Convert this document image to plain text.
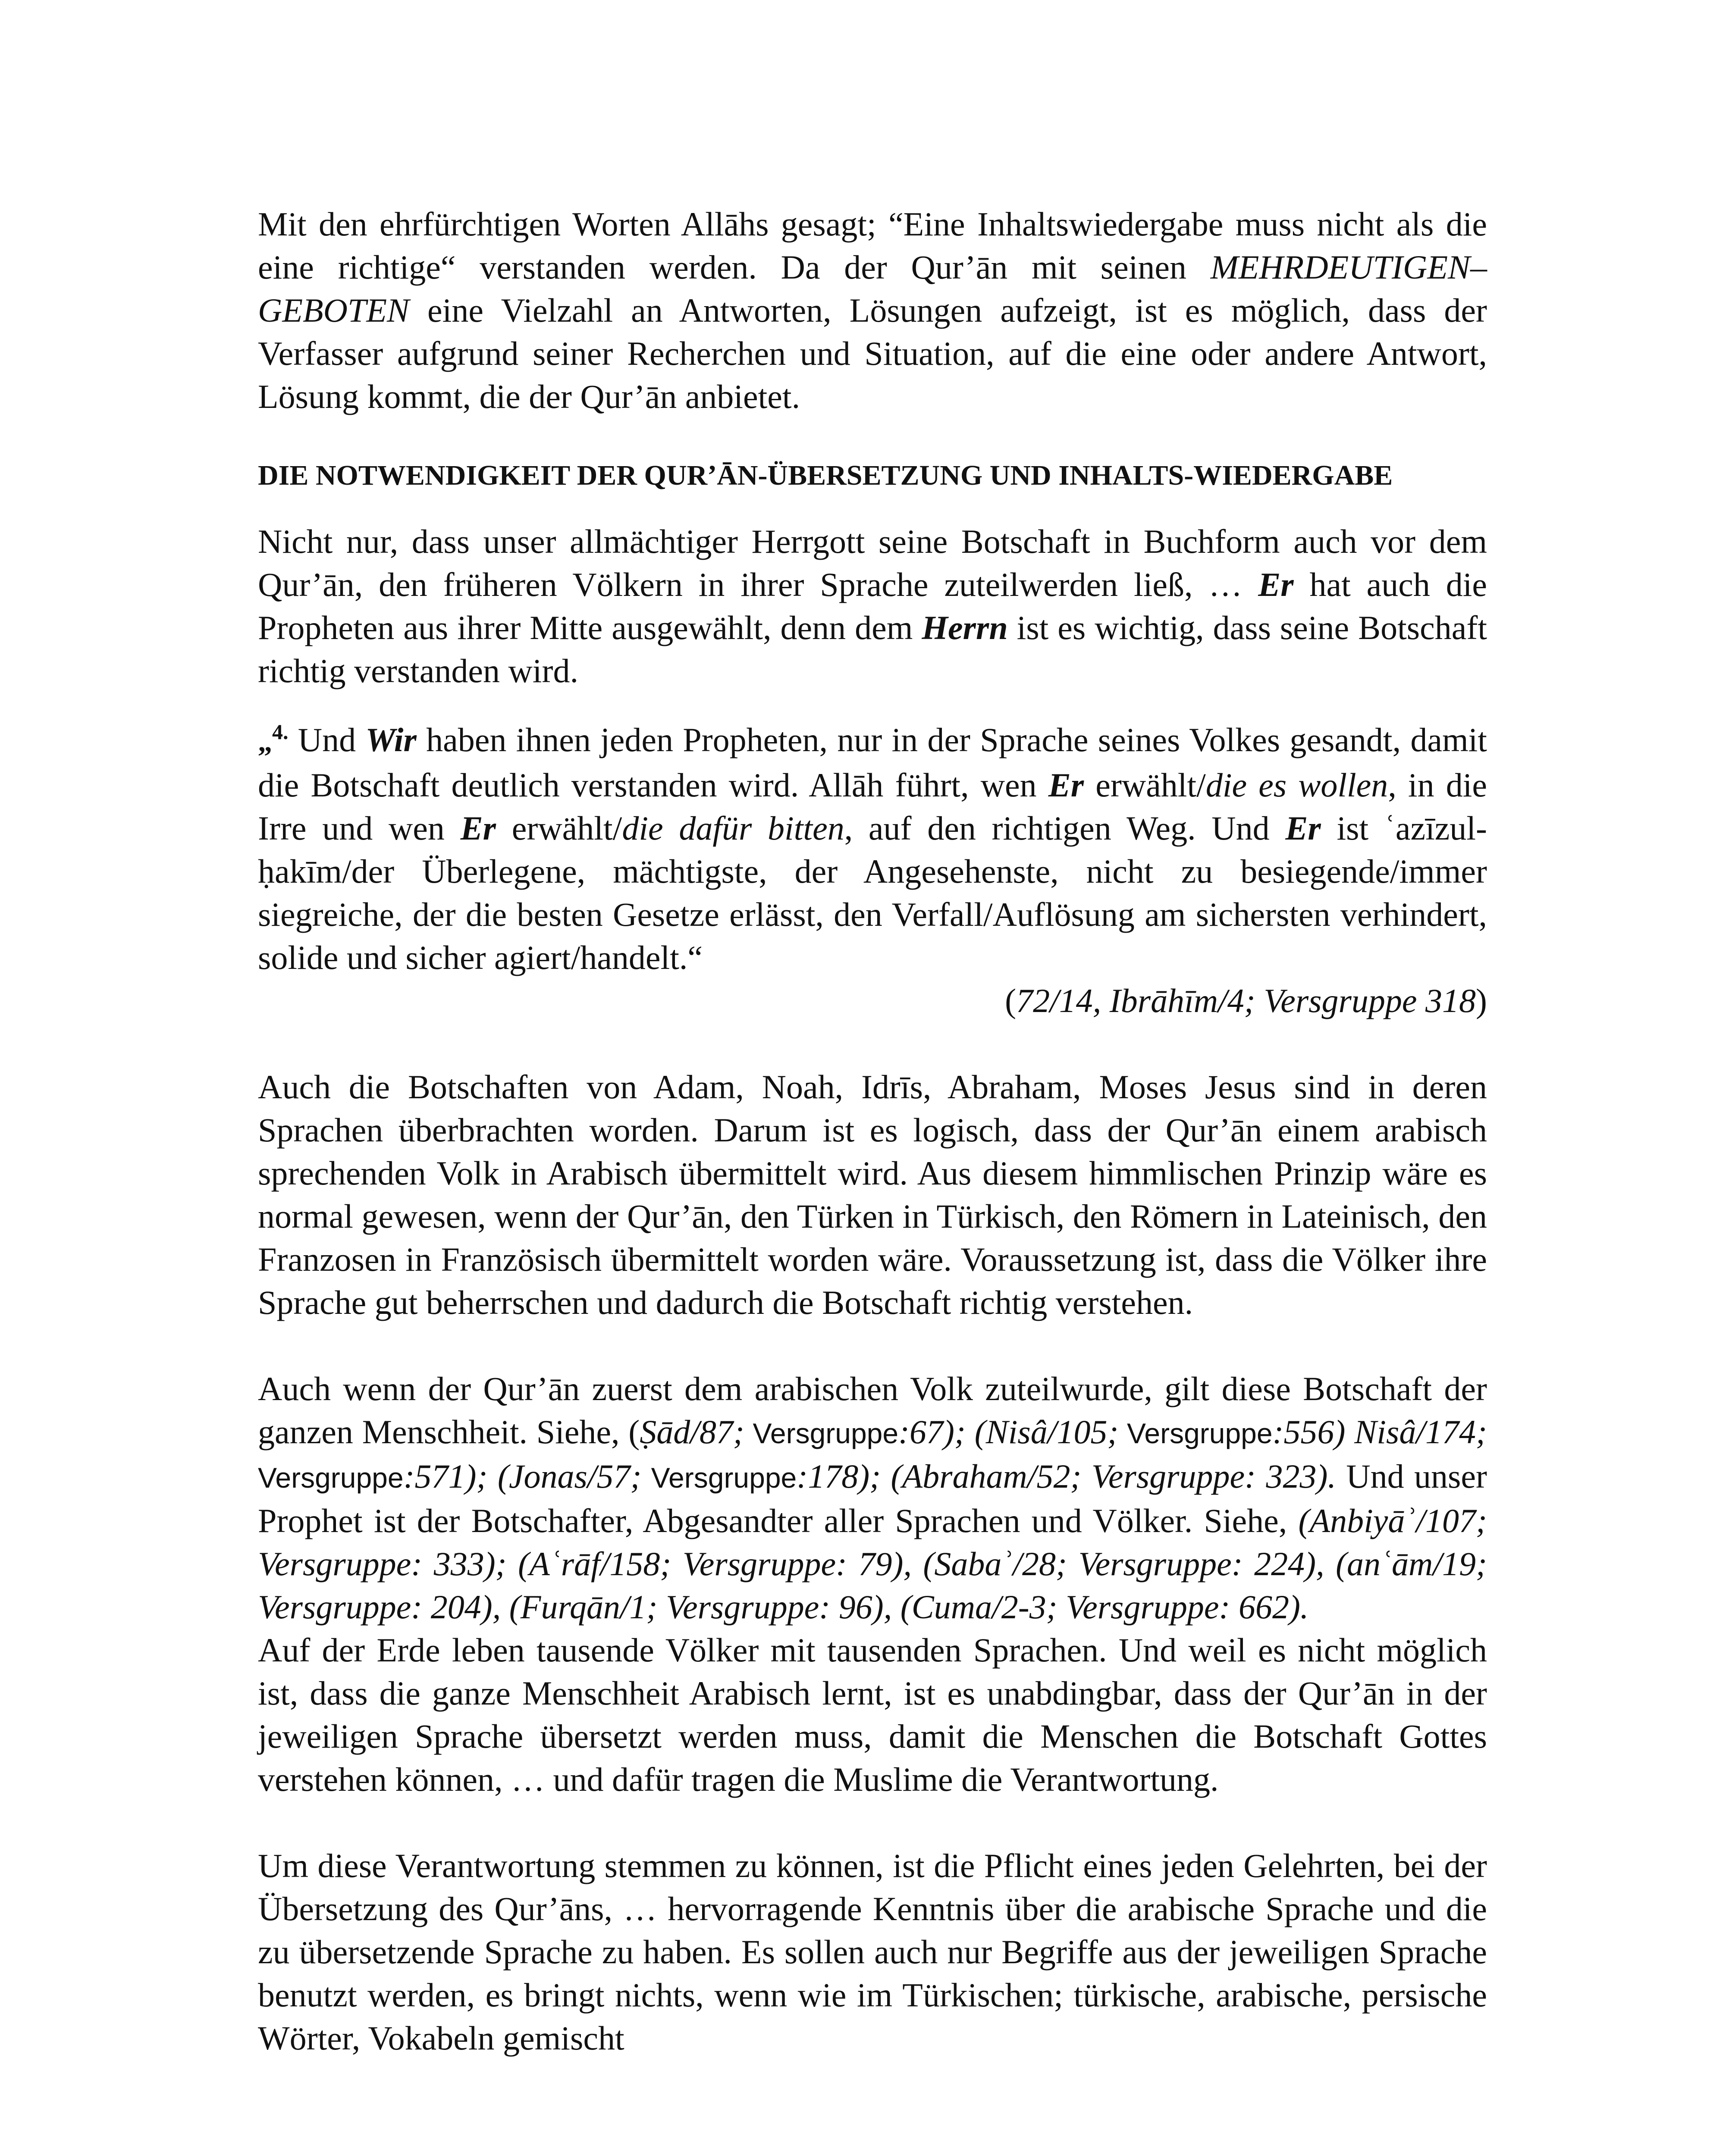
Mit den ehrfürchtigen Worten Allāhs gesagt; “Eine Inhaltswiedergabe muss nicht als die eine richtige“ verstanden werden. Da der Qur’ān mit seinen MEHRDEUTIGEN– GEBOTEN eine Vielzahl an Antworten, Lösungen aufzeigt, ist es möglich, dass der Verfasser aufgrund seiner Recherchen und Situation, auf die eine oder andere Antwort, Lösung kommt, die der Qur’ān anbietet.

DIE NOTWENDIGKEIT DER QUR’ĀN-ÜBERSETZUNG UND INHALTS-WIEDERGABE

Nicht nur, dass unser allmächtiger Herrgott seine Botschaft in Buchform auch vor dem Qur’ān, den früheren Völkern in ihrer Sprache zuteilwerden ließ, … Er hat auch die Propheten aus ihrer Mitte ausgewählt, denn dem Herrn ist es wichtig, dass seine Botschaft richtig verstanden wird.

„$^{4.}$ Und Wir haben ihnen jeden Propheten, nur in der Sprache seines Volkes gesandt, damit die Botschaft deutlich verstanden wird. Allāh führt, wen Er erwählt/die es wollen, in die Irre und wen Er erwählt/die dafür bitten, auf den richtigen Weg. Und Er ist ʿazīzul-ḥakīm/der Überlegene, mächtigste, der Angesehenste, nicht zu besiegende/immer siegreiche, der die besten Gesetze erlässt, den Verfall/Auflösung am sichersten verhindert, solide und sicher agiert/handelt.“

(72/14, Ibrāhīm/4; Versgruppe 318)

Auch die Botschaften von Adam, Noah, Idrīs, Abraham, Moses Jesus sind in deren Sprachen überbrachten worden. Darum ist es logisch, dass der Qur’ān einem arabisch sprechenden Volk in Arabisch übermittelt wird. Aus diesem himmlischen Prinzip wäre es normal gewesen, wenn der Qur’ān, den Türken in Türkisch, den Römern in Lateinisch, den Franzosen in Französisch übermittelt worden wäre. Voraussetzung ist, dass die Völker ihre Sprache gut beherrschen und dadurch die Botschaft richtig verstehen.

Auch wenn der Qur’ān zuerst dem arabischen Volk zuteilwurde, gilt diese Botschaft der ganzen Menschheit. Siehe, (Ṣād/87; Versgruppe:67); (Nisâ/105; Versgruppe:556) Nisâ/174; Versgruppe:571); (Jonas/57; Versgruppe:178); (Abraham/52; Versgruppe: 323). Und unser Prophet ist der Botschafter, Abgesandter aller Sprachen und Völker. Siehe, (Anbiyāʾ/107; Versgruppe: 333); (Aʿrāf/158; Versgruppe: 79), (Sabaʾ/28; Versgruppe: 224), (anʿām/19; Versgruppe: 204), (Furqān/1; Versgruppe: 96), (Cuma/2-3; Versgruppe: 662).

Auf der Erde leben tausende Völker mit tausenden Sprachen. Und weil es nicht möglich ist, dass die ganze Menschheit Arabisch lernt, ist es unabdingbar, dass der Qur’ān in der jeweiligen Sprache übersetzt werden muss, damit die Menschen die Botschaft Gottes verstehen können, … und dafür tragen die Muslime die Verantwortung.

Um diese Verantwortung stemmen zu können, ist die Pflicht eines jeden Gelehrten, bei der Übersetzung des Qur’āns, … hervorragende Kenntnis über die arabische Sprache und die zu übersetzende Sprache zu haben. Es sollen auch nur Begriffe aus der jeweiligen Sprache benutzt werden, es bringt nichts, wenn wie im Türkischen; türkische, arabische, persische Wörter, Vokabeln gemischt
